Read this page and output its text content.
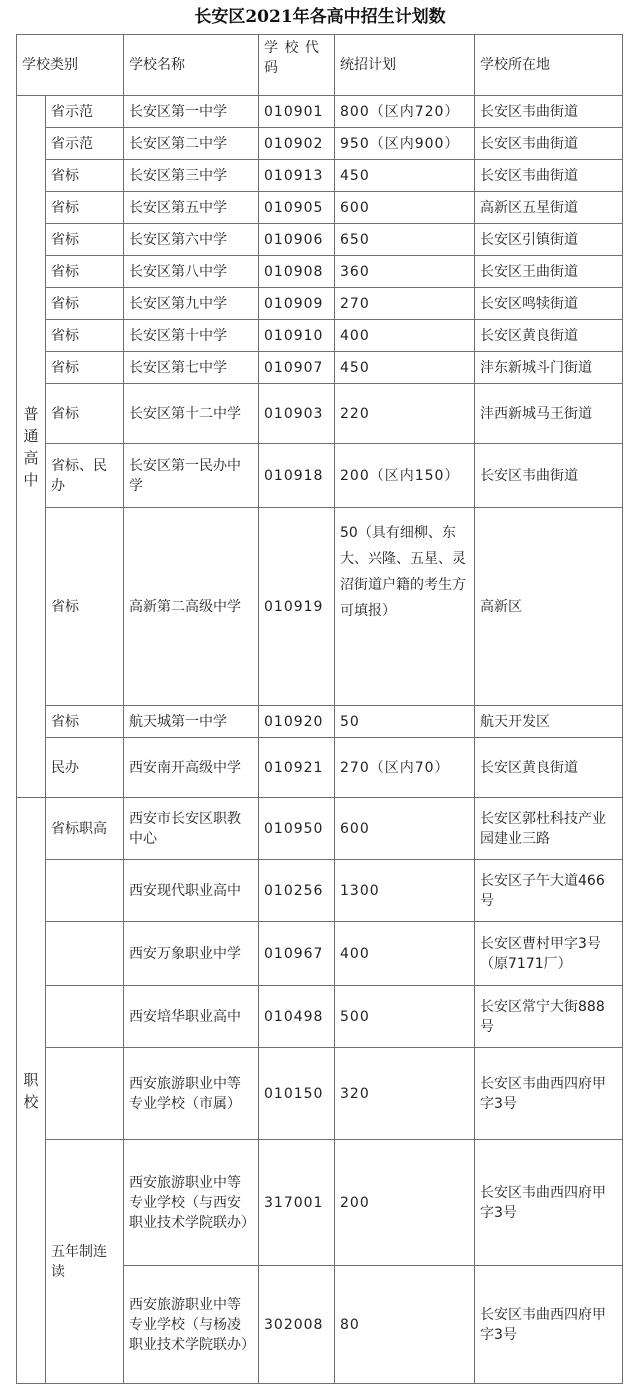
长安区2021年各高中招生计划数
学校类别		学校名称	学 校 代 码	统招计划	学校所在地
普通高中	省示范	长安区第一中学	010901	800（区内720）	长安区韦曲街道
	省示范	长安区第二中学	010902	950（区内900）	长安区韦曲街道
	省标	长安区第三中学	010913	450	长安区韦曲街道
	省标	长安区第五中学	010905	600	高新区五星街道
	省标	长安区第六中学	010906	650	长安区引镇街道
	省标	长安区第八中学	010908	360	长安区王曲街道
	省标	长安区第九中学	010909	270	长安区鸣犊街道
	省标	长安区第十中学	010910	400	长安区黄良街道
	省标	长安区第七中学	010907	450	沣东新城斗门街道
	省标	长安区第十二中学	010903	220	沣西新城马王街道
	省标、民办	长安区第一民办中学	010918	200（区内150）	长安区韦曲街道
	省标	高新第二高级中学	010919	50（具有细柳、东大、兴隆、五星、灵沼街道户籍的考生方可填报）	高新区
	省标	航天城第一中学	010920	50	航天开发区
	民办	西安南开高级中学	010921	270（区内70）	长安区黄良街道
职校	省标职高	西安市长安区职教中心	010950	600	长安区郭杜科技产业园建业三路
		西安现代职业高中	010256	1300	长安区子午大道466号
		西安万象职业中学	010967	400	长安区曹村甲字3号（原7171厂）
		西安培华职业高中	010498	500	长安区常宁大街888号
		西安旅游职业中等专业学校（市属）	010150	320	长安区韦曲西四府甲字3号
	五年制连读	西安旅游职业中等专业学校（与西安职业技术学院联办）	317001	200	长安区韦曲西四府甲字3号
		西安旅游职业中等专业学校（与杨凌职业技术学院联办）	302008	80	长安区韦曲西四府甲字3号
